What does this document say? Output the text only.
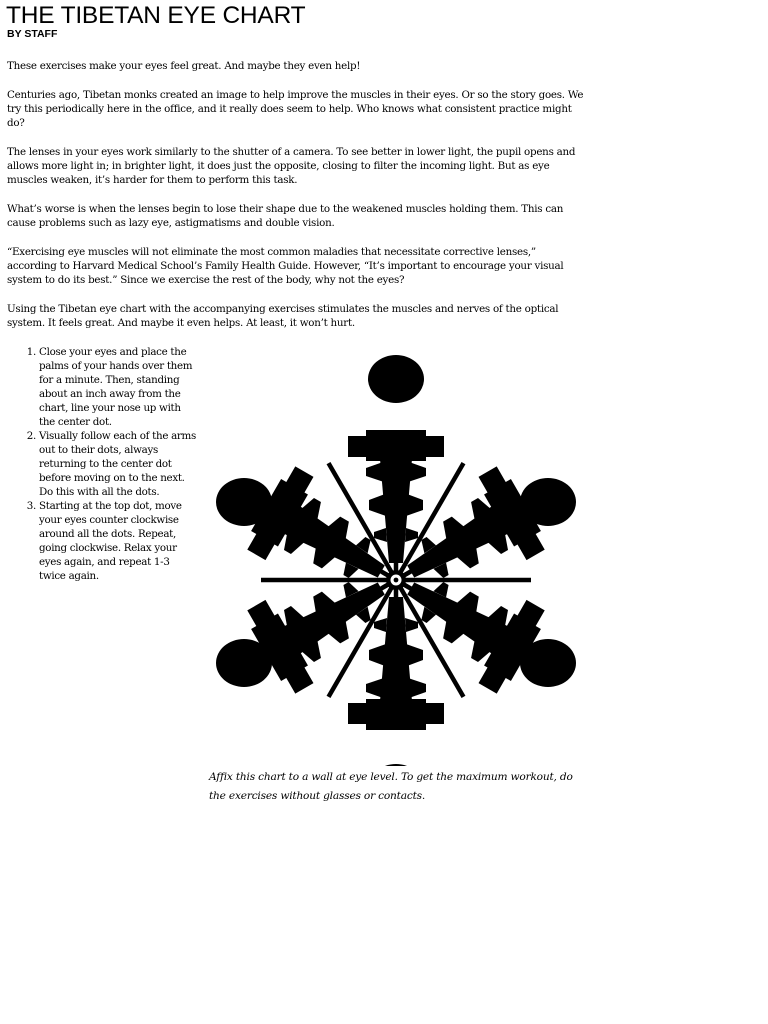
THE TIBETAN EYE CHART
BY STAFF

These exercises make your eyes feel great. And maybe they even help!

Centuries ago, Tibetan monks created an image to help improve the muscles in their eyes. Or so the story goes. We try this periodically here in the office, and it really does seem to help. Who knows what consistent practice might do?

The lenses in your eyes work similarly to the shutter of a camera. To see better in lower light, the pupil opens and allows more light in; in brighter light, it does just the opposite, closing to filter the incoming light. But as eye muscles weaken, it’s harder for them to perform this task.

What’s worse is when the lenses begin to lose their shape due to the weakened muscles holding them. This can cause problems such as lazy eye, astigmatisms and double vision.

“Exercising eye muscles will not eliminate the most common maladies that necessitate corrective lenses,” according to Harvard Medical School’s Family Health Guide. However, “It’s important to encourage your visual system to do its best.” Since we exercise the rest of the body, why not the eyes?

Using the Tibetan eye chart with the accompanying exercises stimulates the muscles and nerves of the optical system. It feels great. And maybe it even helps. At least, it won’t hurt.

1. Close your eyes and place the palms of your hands over them for a minute. Then, standing about an inch away from the chart, line your nose up with the center dot.
2. Visually follow each of the arms out to their dots, always returning to the center dot before moving on to the next. Do this with all the dots.
3. Starting at the top dot, move your eyes counter clockwise around all the dots. Repeat, going clockwise. Relax your eyes again, and repeat 1-3 twice again.

Affix this chart to a wall at eye level. To get the maximum workout, do the exercises without glasses or contacts.
